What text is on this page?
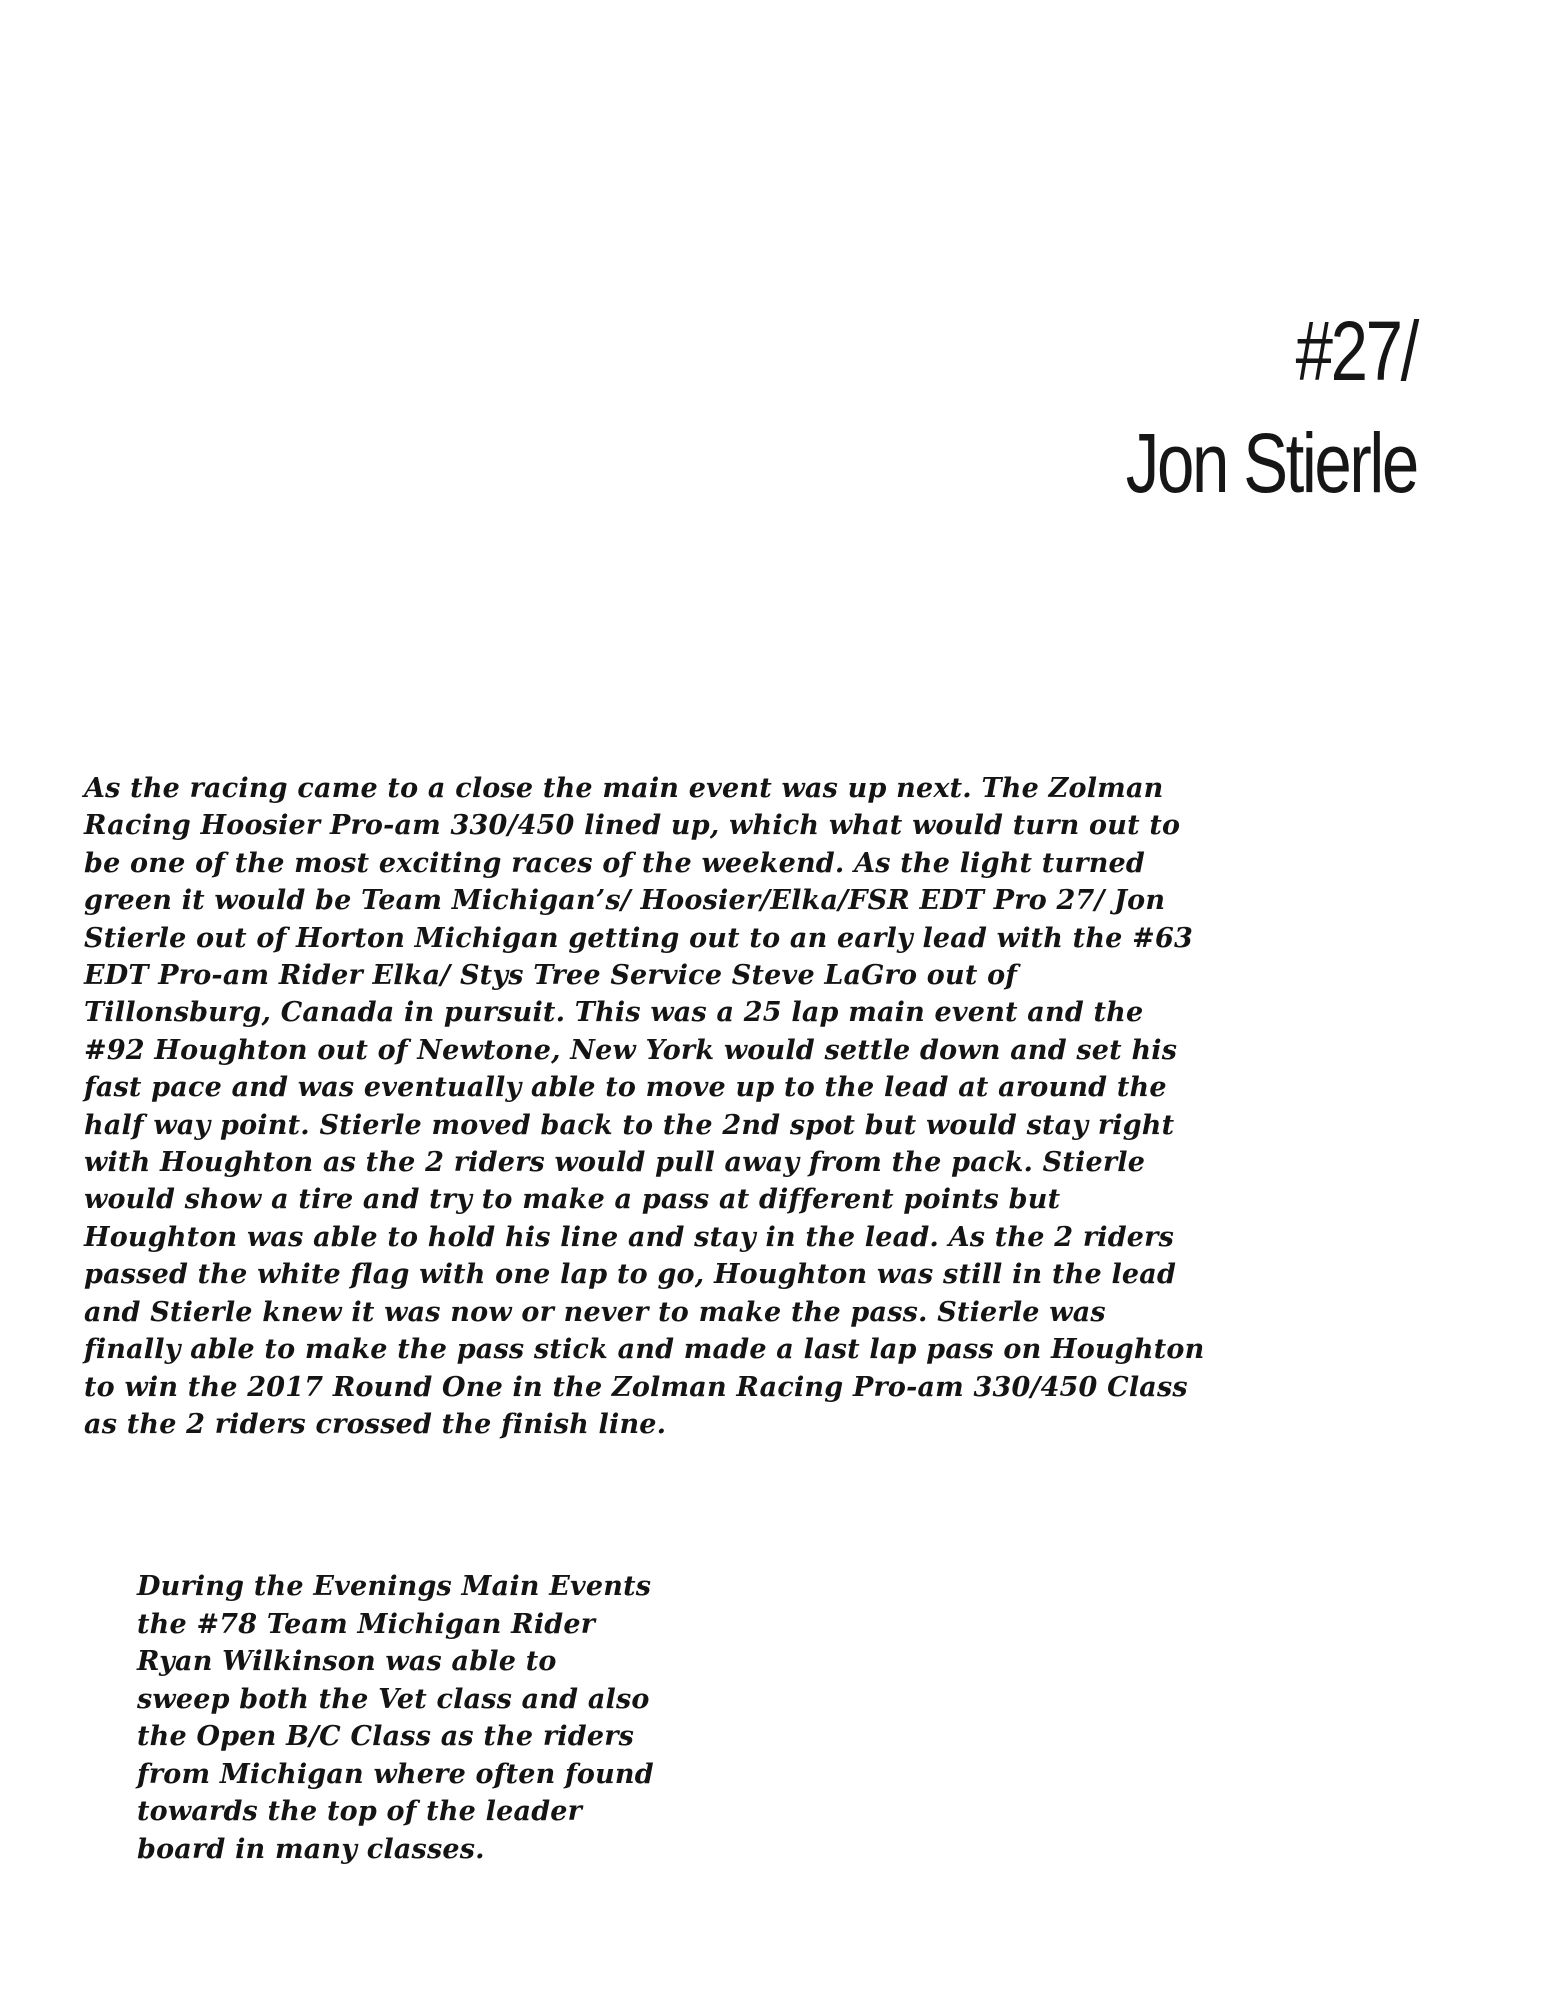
#27/
Jon Stierle
As the racing came to a close the main event was up next. The Zolman
Racing Hoosier Pro-am 330/450 lined up, which what would turn out to
be one of the most exciting races of the weekend. As the light turned
green it would be Team Michigan’s/ Hoosier/Elka/FSR EDT Pro 27/ Jon
Stierle out of Horton Michigan getting out to an early lead with the #63
EDT Pro-am Rider Elka/ Stys Tree Service Steve LaGro out of
Tillonsburg, Canada in pursuit. This was a 25 lap main event and the
#92 Houghton out of Newtone, New York would settle down and set his
fast pace and was eventually able to move up to the lead at around the
half way point. Stierle moved back to the 2nd spot but would stay right
with Houghton as the 2 riders would pull away from the pack. Stierle
would show a tire and try to make a pass at different points but
Houghton was able to hold his line and stay in the lead. As the 2 riders
passed the white flag with one lap to go, Houghton was still in the lead
and Stierle knew it was now or never to make the pass. Stierle was
finally able to make the pass stick and made a last lap pass on Houghton
to win the 2017 Round One in the Zolman Racing Pro-am 330/450 Class
as the 2 riders crossed the finish line.
During the Evenings Main Events
the #78 Team Michigan Rider
Ryan Wilkinson was able to
sweep both the Vet class and also
the Open B/C Class as the riders
from Michigan where often found
towards the top of the leader
board in many classes.
